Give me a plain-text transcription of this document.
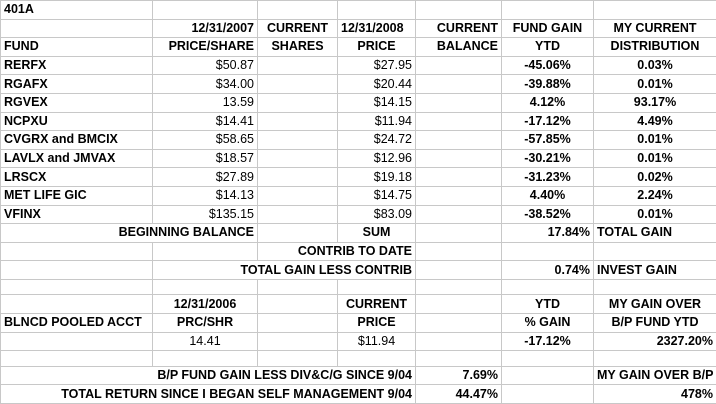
401A						
	12/31/2007	CURRENT	12/31/2008	CURRENT	FUND GAIN	MY CURRENT
FUND	PRICE/SHARE	SHARES	PRICE	BALANCE	YTD	DISTRIBUTION
RERFX	$50.87		$27.95		-45.06%	0.03%
RGAFX	$34.00		$20.44		-39.88%	0.01%
RGVEX	13.59		$14.15		4.12%	93.17%
NCPXU	$14.41		$11.94		-17.12%	4.49%
CVGRX and BMCIX	$58.65		$24.72		-57.85%	0.01%
LAVLX and JMVAX	$18.57		$12.96		-30.21%	0.01%
LRSCX	$27.89		$19.18		-31.23%	0.02%
MET LIFE GIC	$14.13		$14.75		4.40%	2.24%
VFINX	$135.15		$83.09		-38.52%	0.01%
BEGINNING BALANCE			SUM		17.84%	TOTAL GAIN
		CONTRIB TO DATE				
	TOTAL GAIN LESS CONTRIB				0.74%	INVEST GAIN

	12/31/2006		CURRENT		YTD	MY GAIN OVER
BLNCD POOLED ACCT	PRC/SHR		PRICE		% GAIN	B/P FUND YTD
	14.41		$11.94		-17.12%	2327.20%

B/P FUND GAIN LESS DIV&C/G SINCE 9/04				7.69%		MY GAIN OVER B/P
TOTAL RETURN SINCE I BEGAN SELF MANAGEMENT 9/04				44.47%		478%
